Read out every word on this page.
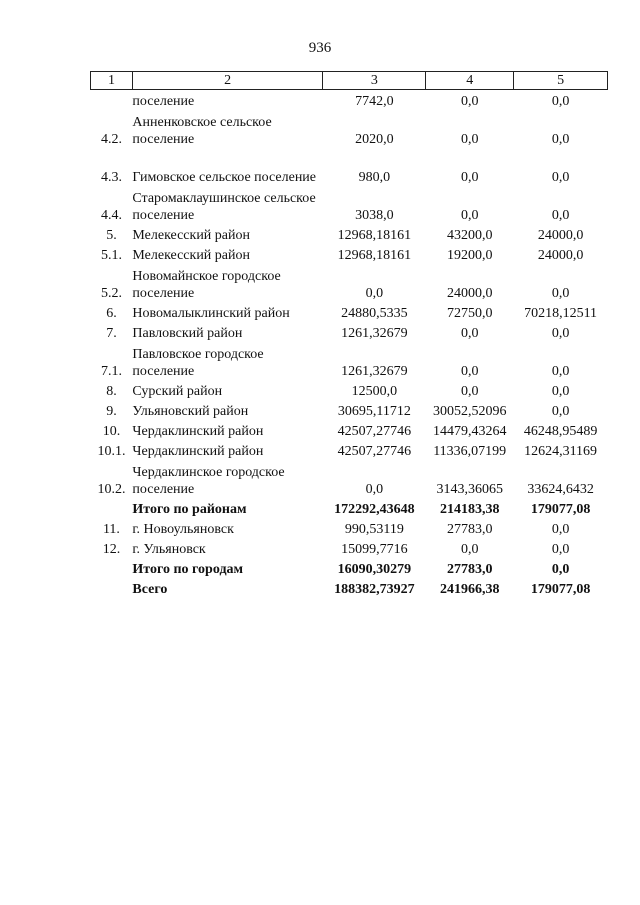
936
1	2	3	4	5
	поселение	7742,0	0,0	0,0
4.2.	Анненковское сельское поселение	2020,0	0,0	0,0
4.3.	Гимовское сельское поселение	980,0	0,0	0,0
4.4.	Старомаклаушинское сельское поселение	3038,0	0,0	0,0
5.	Мелекесский район	12968,18161	43200,0	24000,0
5.1.	Мелекесский район	12968,18161	19200,0	24000,0
5.2.	Новомайнское городское поселение	0,0	24000,0	0,0
6.	Новомалыклинский район	24880,5335	72750,0	70218,12511
7.	Павловский район	1261,32679	0,0	0,0
7.1.	Павловское городское поселение	1261,32679	0,0	0,0
8.	Сурский район	12500,0	0,0	0,0
9.	Ульяновский район	30695,11712	30052,52096	0,0
10.	Чердаклинский район	42507,27746	14479,43264	46248,95489
10.1.	Чердаклинский район	42507,27746	11336,07199	12624,31169
10.2.	Чердаклинское городское поселение	0,0	3143,36065	33624,6432
	Итого по районам	172292,43648	214183,38	179077,08
11.	г. Новоульяновск	990,53119	27783,0	0,0
12.	г. Ульяновск	15099,7716	0,0	0,0
	Итого по городам	16090,30279	27783,0	0,0
	Всего	188382,73927	241966,38	179077,08
